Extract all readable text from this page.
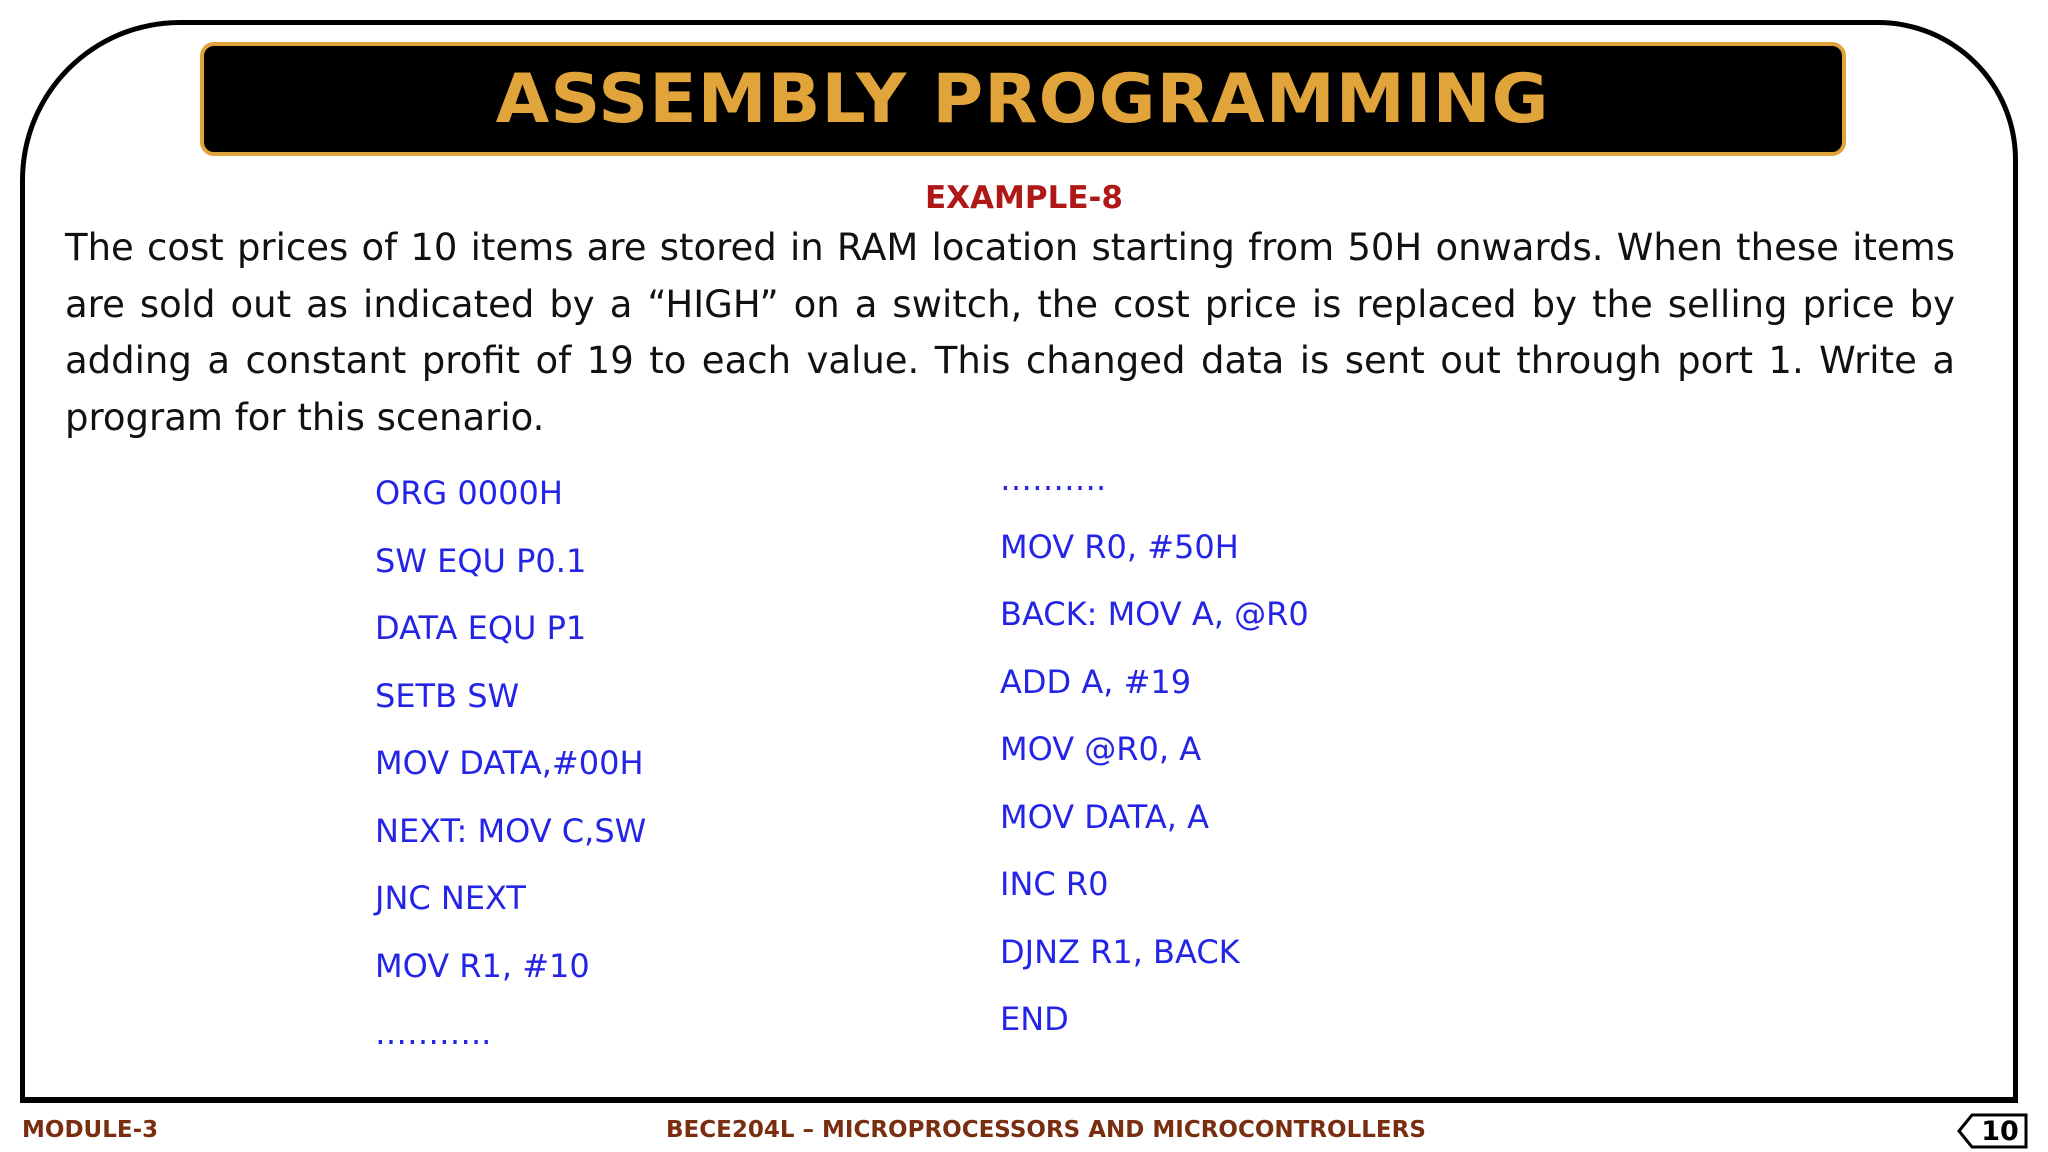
ASSEMBLY PROGRAMMING
EXAMPLE-8
The cost prices of 10 items are stored in RAM location starting from 50H onwards. When these items are sold out as indicated by a “HIGH” on a switch, the cost price is replaced by the selling price by adding a constant profit of 19 to each value. This changed data is sent out through port 1. Write a program for this scenario.
ORG 0000H
SW EQU P0.1
DATA EQU P1
SETB SW
MOV DATA,#00H
NEXT: MOV C,SW
JNC NEXT
MOV R1, #10
………..
……….
MOV R0, #50H
BACK: MOV A, @R0
ADD A, #19
MOV @R0, A
MOV DATA, A
INC R0
DJNZ R1, BACK
END
MODULE-3	BECE204L – MICROPROCESSORS AND MICROCONTROLLERS	10
